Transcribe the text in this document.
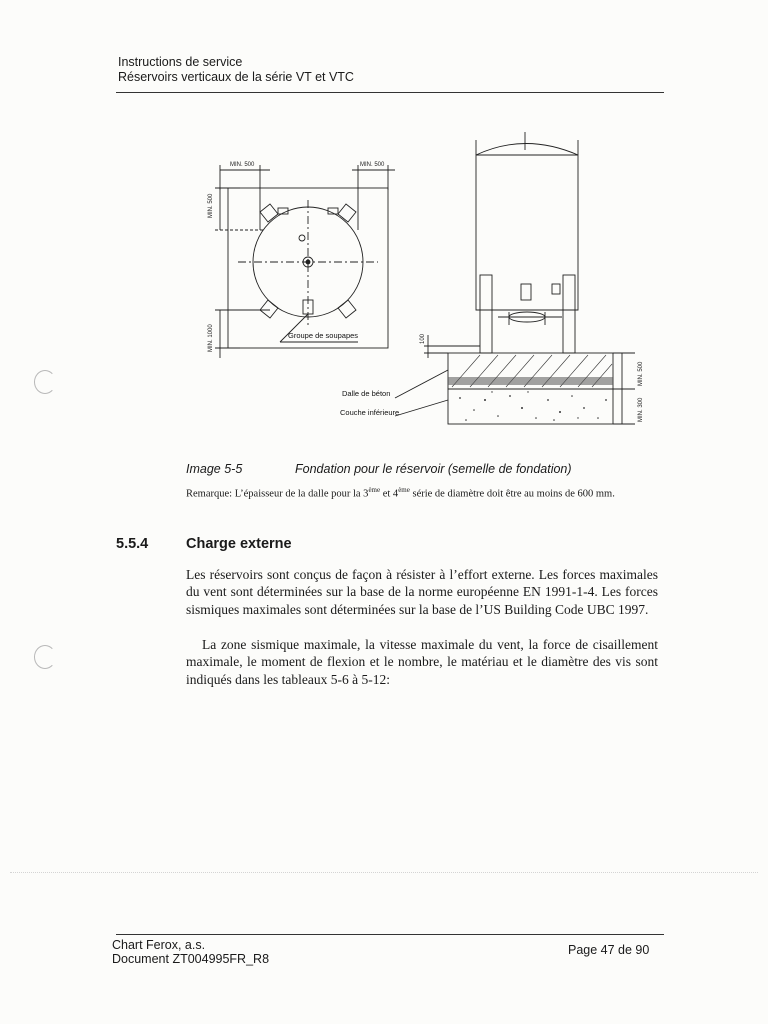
Instructions de service
Réservoirs verticaux de la série VT et VTC
MIN. 500	MIN. 500
MIN. 500
MIN. 1000	Groupe de soupapes	100
Dalle de béton
Couche inférieure
MIN. 500
MIN. 300
Image 5-5	Fondation pour le réservoir (semelle de fondation)
Remarque: L’épaisseur de la dalle pour la 3ème et 4ème série de diamètre doit être au moins de 600 mm.
5.5.4	Charge externe

Les réservoirs sont conçus de façon à résister à l’effort externe. Les forces maximales du vent sont déterminées sur la base de la norme européenne EN 1991-1-4. Les forces sismiques maximales sont déterminées sur la base de l’US Building Code UBC 1997.

La zone sismique maximale, la vitesse maximale du vent, la force de cisaillement maximale, le moment de flexion et le nombre, le matériau et le diamètre des vis sont indiqués dans les tableaux 5-6 à 5-12:

Chart Ferox, a.s.
Document ZT004995FR_R8
Page 47 de 90
